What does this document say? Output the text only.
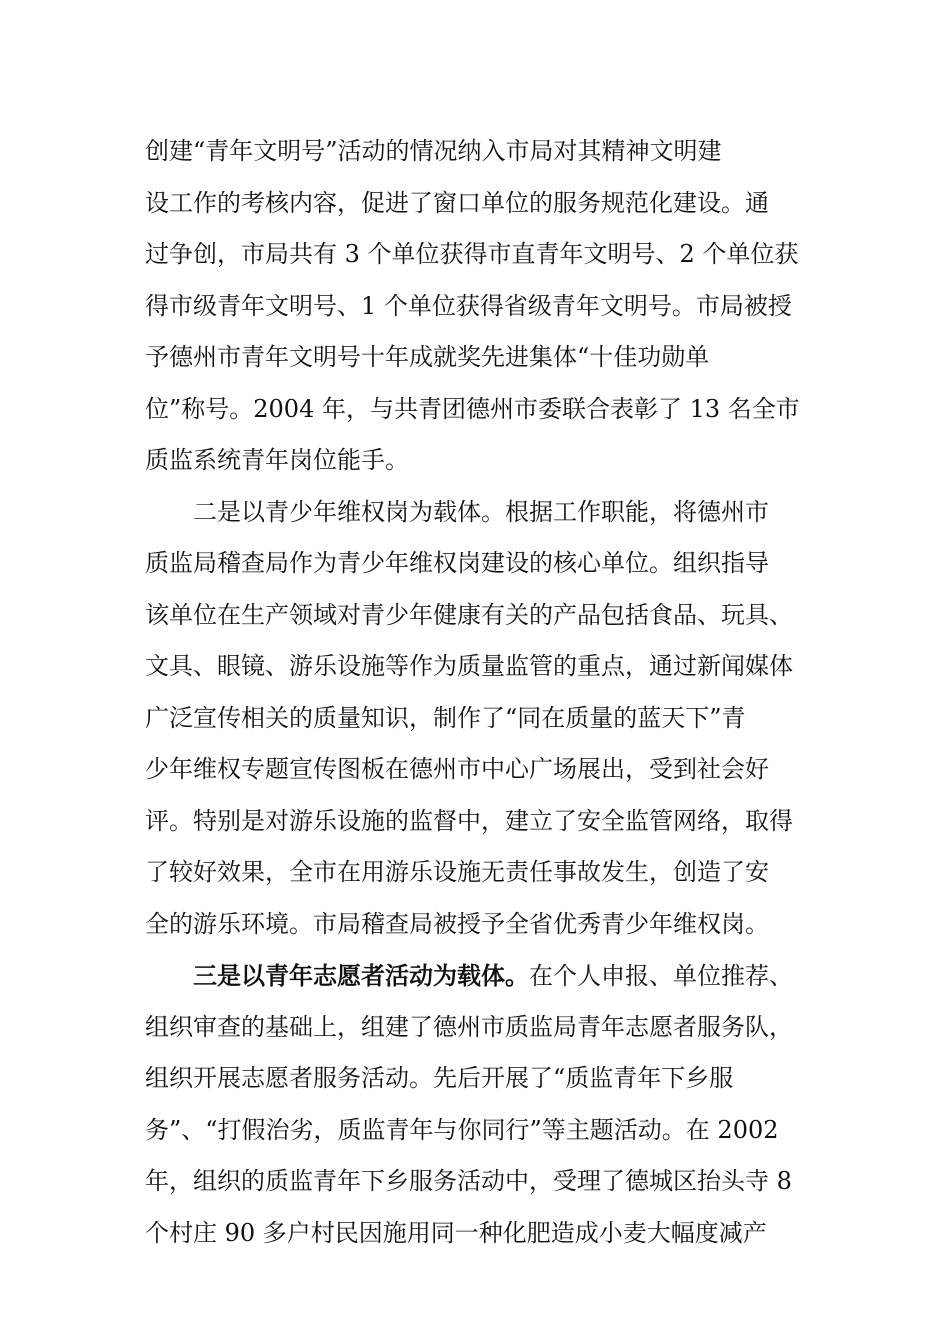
创建“青年文明号”活动的情况纳入市局对其精神文明建
设工作的考核内容，促进了窗口单位的服务规范化建设。通
过争创，市局共有 3 个单位获得市直青年文明号、2 个单位获
得市级青年文明号、1 个单位获得省级青年文明号。市局被授
予德州市青年文明号十年成就奖先进集体“十佳功勋单
位”称号。2004 年，与共青团德州市委联合表彰了 13 名全市
质监系统青年岗位能手。
二是以青少年维权岗为载体。根据工作职能，将德州市
质监局稽查局作为青少年维权岗建设的核心单位。组织指导
该单位在生产领域对青少年健康有关的产品包括食品、玩具、
文具、眼镜、游乐设施等作为质量监管的重点，通过新闻媒体
广泛宣传相关的质量知识，制作了“同在质量的蓝天下”青
少年维权专题宣传图板在德州市中心广场展出，受到社会好
评。特别是对游乐设施的监督中，建立了安全监管网络，取得
了较好效果，全市在用游乐设施无责任事故发生，创造了安
全的游乐环境。市局稽查局被授予全省优秀青少年维权岗。
三是以青年志愿者活动为载体。在个人申报、单位推荐、
组织审查的基础上，组建了德州市质监局青年志愿者服务队，
组织开展志愿者服务活动。先后开展了“质监青年下乡服
务”、“打假治劣，质监青年与你同行”等主题活动。在 2002
年，组织的质监青年下乡服务活动中，受理了德城区抬头寺 8
个村庄 90 多户村民因施用同一种化肥造成小麦大幅度减产
